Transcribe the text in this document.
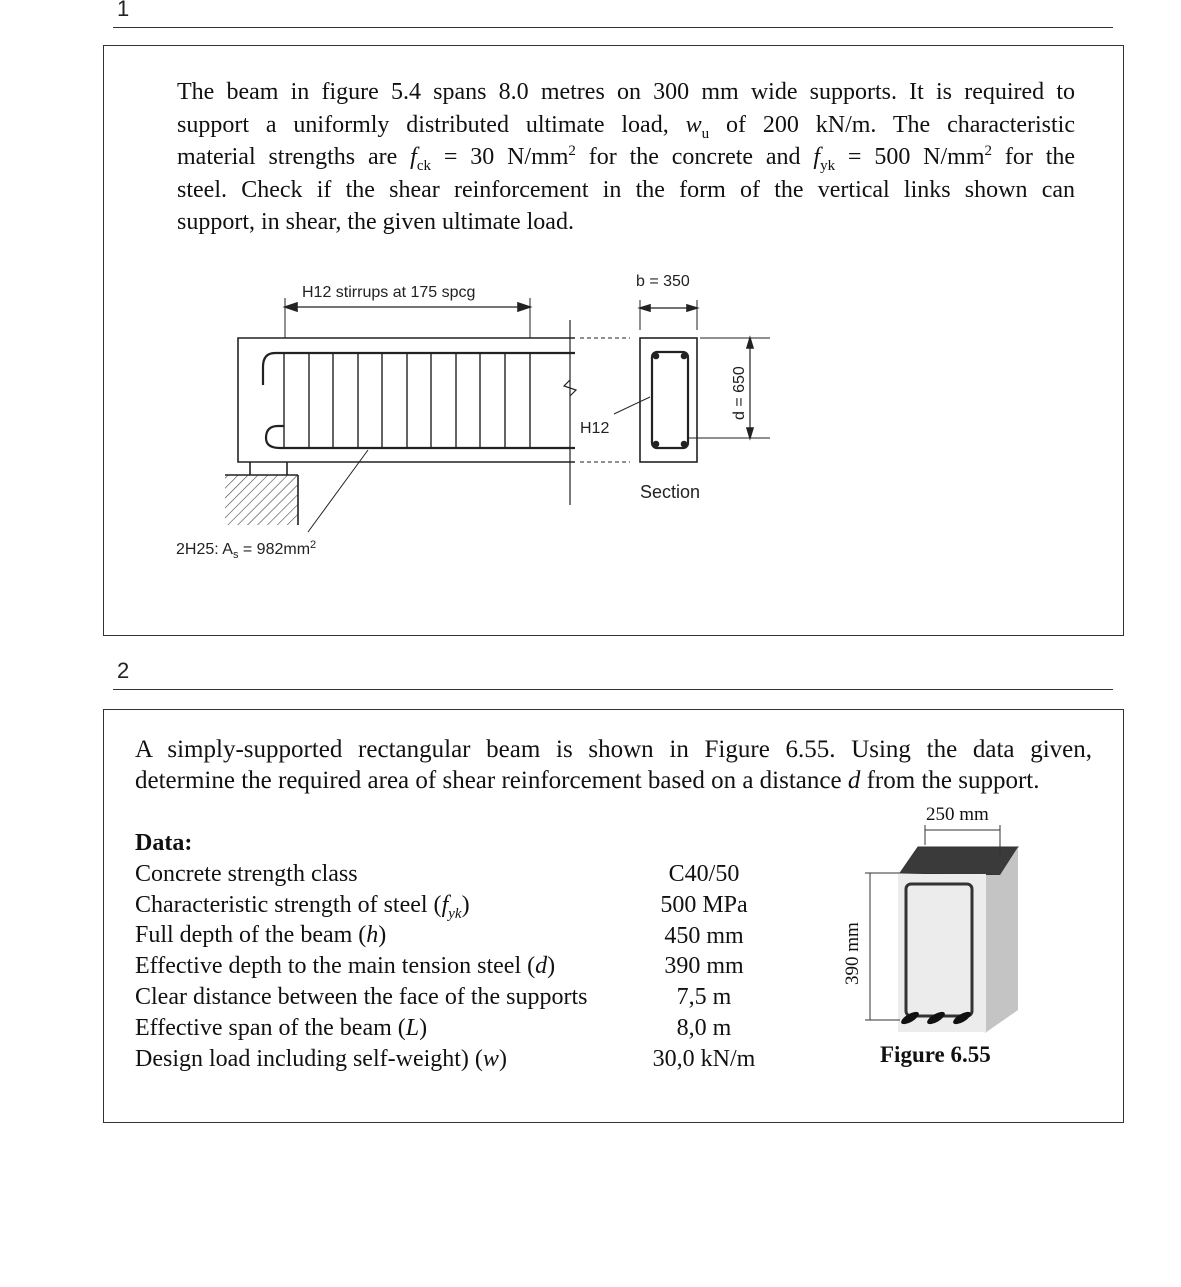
1
The beam in figure 5.4 spans 8.0 metres on 300 mm wide supports. It is required to
support a uniformly distributed ultimate load, $w_u$ of 200 kN/m. The characteristic
material strengths are $f_{ck} = 30$ $N/mm^2$ for the concrete and $f_{yk} = 500$ $N/mm^2$ for the
steel. Check if the shear reinforcement in the form of the vertical links shown can
support, in shear, the given ultimate load.
H12 stirrups at 175 spcg
b = 350
d = 650
H12
Section
2H25: $A_s = 982mm^2$
2
A simply-supported rectangular beam is shown in Figure 6.55. Using the data given,
determine the required area of shear reinforcement based on a distance d from the support.
Data:
Concrete strength class
Characteristic strength of steel $(f_{yk})$
Full depth of the beam (h)
Effective depth to the main tension steel (d)
Clear distance between the face of the supports
Effective span of the beam (L)
Design load including self-weight) (w)
C40/50
500 MPa
450 mm
390 mm
7,5 m
8,0 m
30,0 kN/m
250 mm
390 mm
Figure 6.55
